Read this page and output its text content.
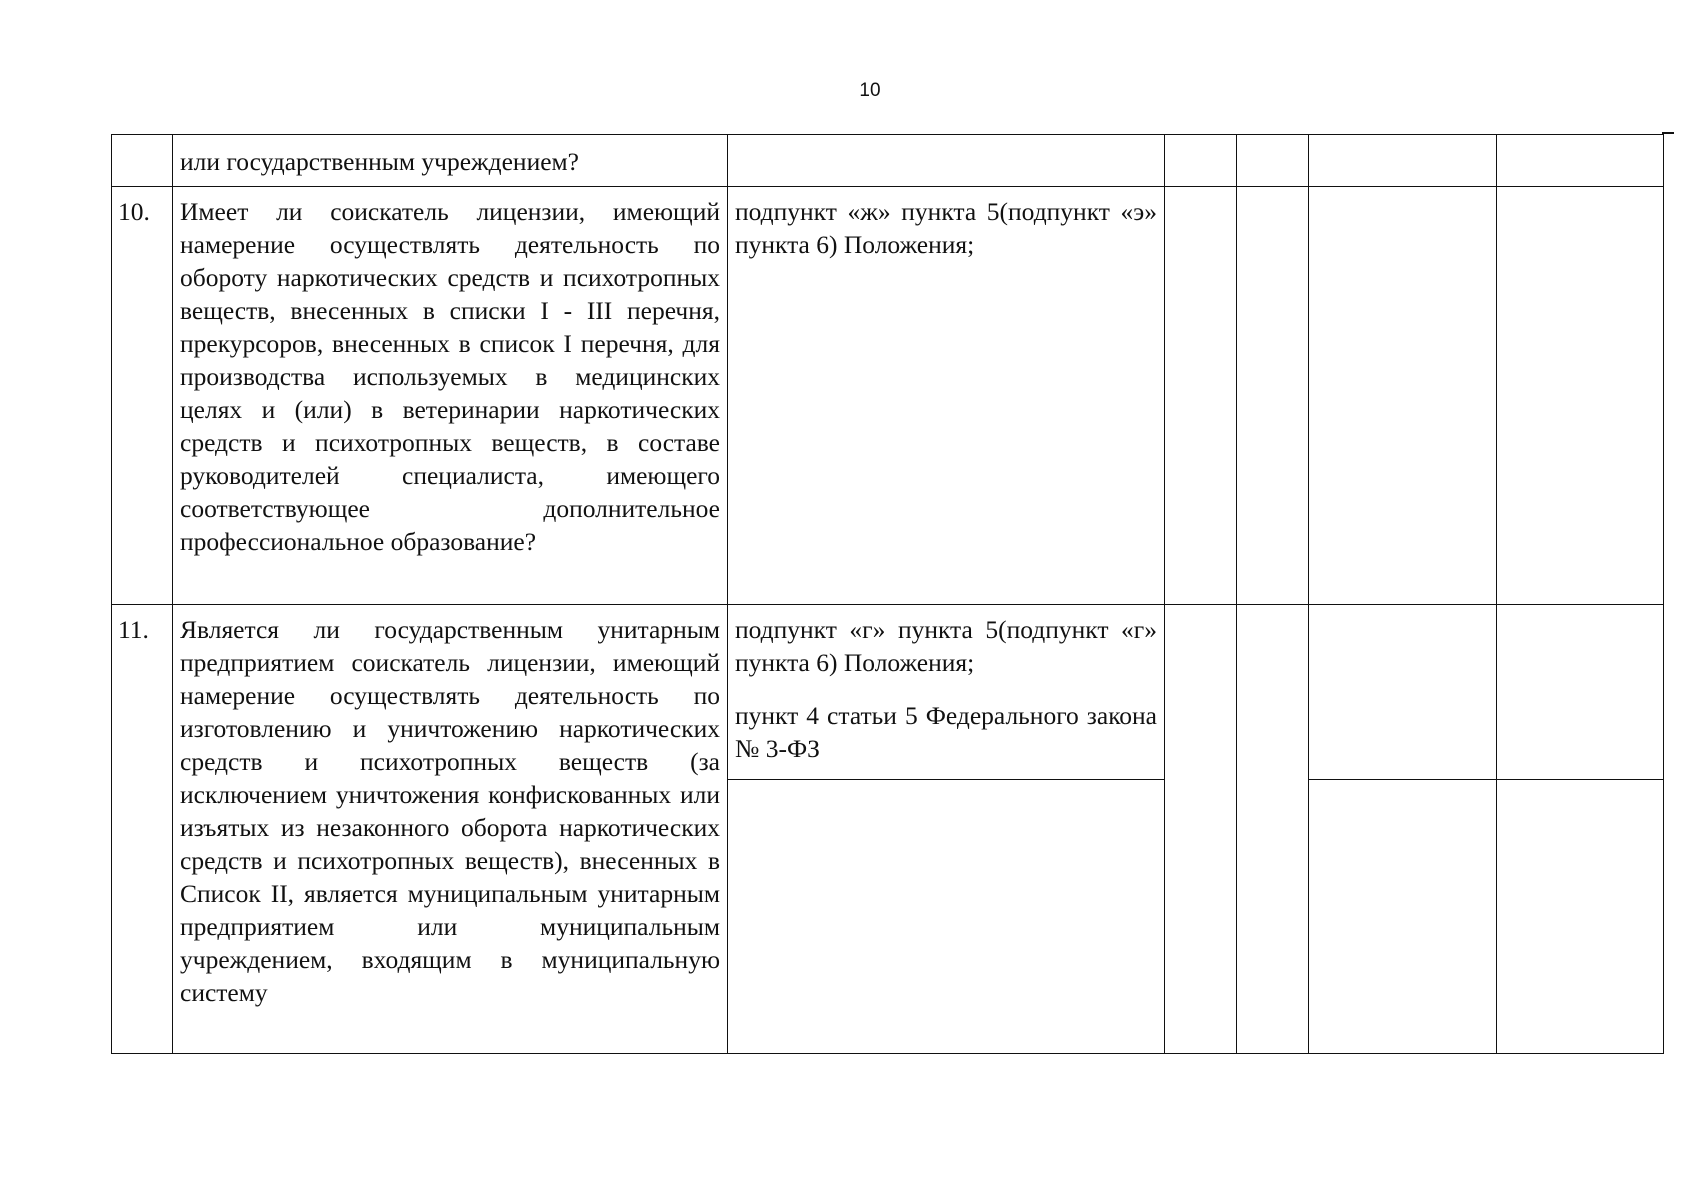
10
	или государственным учреждением?					
10.	Имеет ли соискатель лицензии, имеющий намерение осуществлять деятельность по обороту наркотических средств и психотропных веществ, внесенных в списки I - III перечня, прекурсоров, внесенных в список I перечня, для производства используемых в медицинских целях и (или) в ветеринарии наркотических средств и психотропных веществ, в составе руководителей специалиста, имеющего соответствующее дополнительное профессиональное образование?	подпункт «ж» пункта 5(подпункт «э» пункта 6) Положения;				

11.	Является ли государственным унитарным предприятием соискатель лицензии, имеющий намерение осуществлять деятельность по изготовлению и уничтожению наркотических средств и психотропных веществ (за исключением уничтожения конфискованных или изъятых из незаконного оборота наркотических средств и психотропных веществ), внесенных в Список II, является муниципальным унитарным предприятием или муниципальным учреждением, входящим в муниципальную систему	подпункт «г» пункта 5(подпункт «г» пункта 6) Положения;
пункт 4 статьи 5 Федерального закона № 3-ФЗ				
